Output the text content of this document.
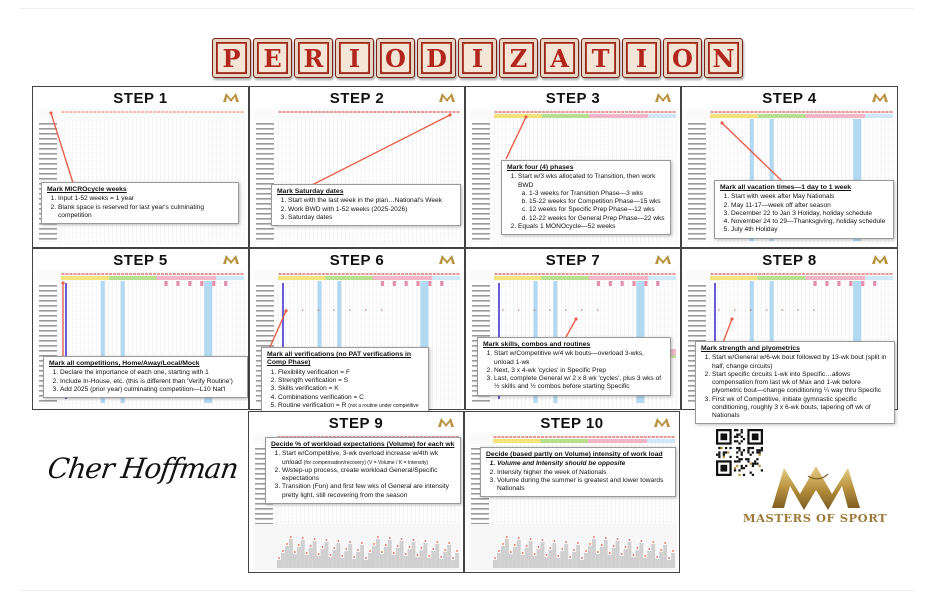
P E R	I	O D	I	Z A T	I	O N
STEP 1
Mark MICROcycle weeks
1. Input 1-52 weeks = 1 year
2. Blank space is reserved for last year's culminating competition
STEP 2
Mark Saturday dates
1. Start with the last week in the plan…National's Week
2. Work BWD with 1-52 weeks (2025-2026)
3. Saturday dates
STEP 3
Mark four (4) phases
1. Start w/3 wks allocated to Transition, then work BWD
a. 1-3 weeks for Transition Phase—3 wks
b. 15-22 weeks for Competition Phase—15 wks
c. 12 weeks for Specific Prep Phase—12 wks
d. 12-22 weeks for General Prep Phase—22 wks
2. Equals 1 MONOcycle—52 weeks
STEP 4
Mark all vacation times—1 day to 1 week
1. Start with week after May Nationals
2. May 11-17—week off after season
3. December 22 to Jan 3 Holiday, holiday schedule
4. November 24 to 29—Thanksgiving, holiday schedule
5. July 4th Holiday
STEP 5
Mark all competitions, Home/Away/Local/Mock
1. Declare the importance of each one, starting with 1
2. Include In-House, etc. (this is different than 'Verify Routine')
3. Add 2025 (prior year) culminating competition—L10 Nat'l
STEP 6
F	F	F	F	F	F
Mark all verifications (no PAT verifications in Comp Phase)
1. Flexibility verification = F
2. Strength verification = S
3. Skills verification = K
4. Combinations verification = C
5. Routine verification = R (not a routine under competitive
STEP 7
F	F	F	F	F	F	F
Mark skills, combos and routines
1. Start w/Competitive w/4 wk bouts—overload 3-wks, unload 1-wk
2. Next, 3 x 4-wk 'cycles' in Specific Prep
3. Last, complete General w/ 2 x 8 wk 'cycles', plus 3 wks of ½ skills and ½ combos before starting Specific
STEP 8
F	F	F	F	F	F	F
Mark strength and plyometrics
1. Start w/General w/6-wk bout followed by 13-wk bout (split in half, change circuits)
2. Start specific circuits 1-wk into Specific…allows compensation from last wk of Max and 1-wk before plyometric bout—change conditioning ¼ way thru Specific
3. First wk of Competitive, initiate gymnastic specific conditioning, roughly 3 x 6-wk bouts, tapering off wk of Nationals
STEP 9
Decide % of workload expectations (Volume) for each wk
1. Start w/Competitive, 3-wk overload increase w/4th wk unload (for compensation/recovery) (V = Volume / K = Intensity)
2. W/step-up process, create workload General/Specific expectations
3. Transition (Fun) and first few wks of General are intensity pretty light, still recovering from the season
STEP 10
Decide (based partly on Volume) intensity of work load
1. Volume and Intensity should be opposite
2. Intensity higher the week of Nationals
3. Volume during the summer is greatest and lower towards Nationals
Cher Hoffman
MASTERS OF SPORT
